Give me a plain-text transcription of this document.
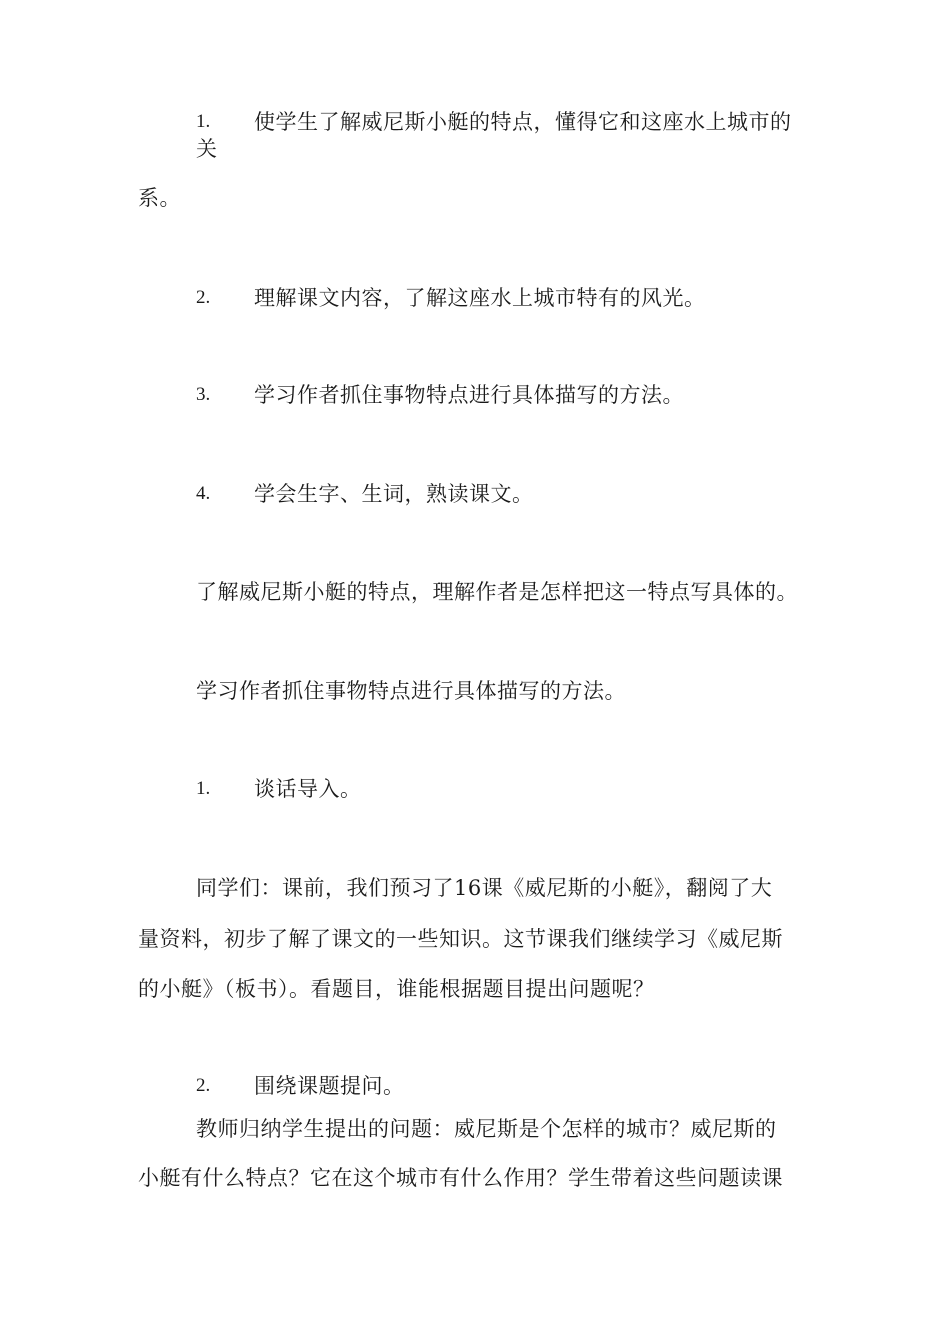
1. 使学生了解威尼斯小艇的特点，懂得它和这座水上城市的
关
系。
2. 理解课文内容，了解这座水上城市特有的风光。
3. 学习作者抓住事物特点进行具体描写的方法。
4. 学会生字、生词，熟读课文。
了解威尼斯小艇的特点，理解作者是怎样把这一特点写具体的。
学习作者抓住事物特点进行具体描写的方法。
1. 谈话导入。
同学们：课前，我们预习了16课《威尼斯的小艇》，翻阅了大
量资料，初步了解了课文的一些知识。这节课我们继续学习《威尼斯
的小艇》（板书）。看题目，谁能根据题目提出问题呢？
2. 围绕课题提问。
教师归纳学生提出的问题：威尼斯是个怎样的城市？威尼斯的
小艇有什么特点？它在这个城市有什么作用？学生带着这些问题读课
